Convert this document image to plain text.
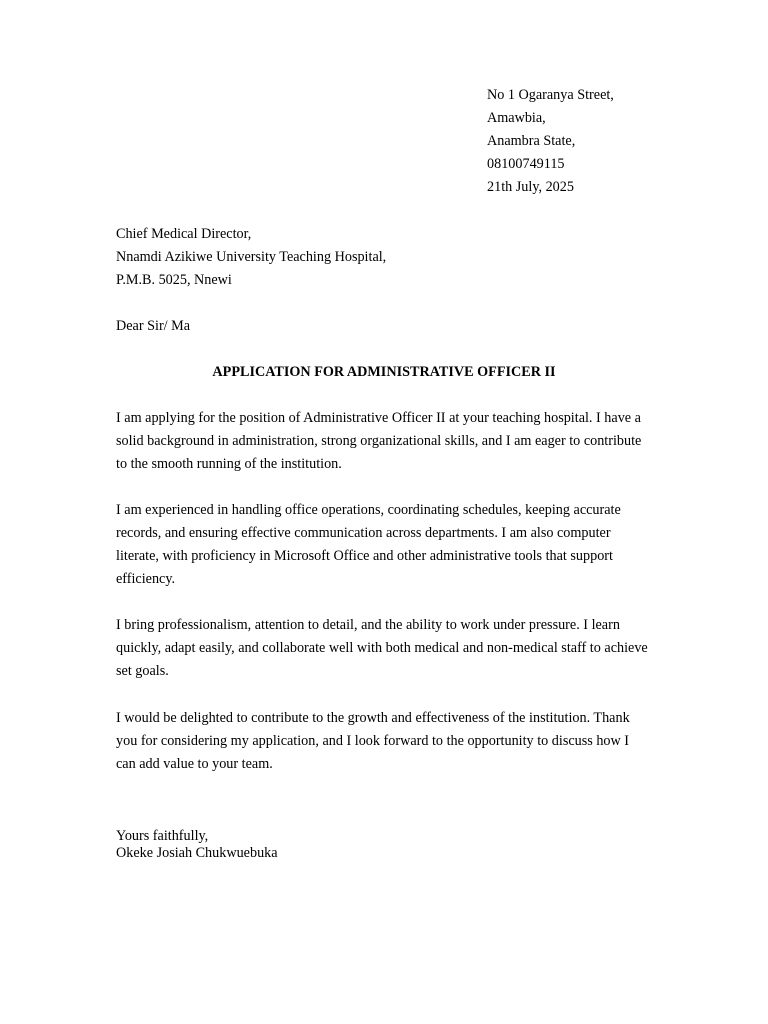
No 1 Ogaranya Street,
Amawbia,
Anambra State,
08100749115
21th July, 2025
Chief Medical Director,
Nnamdi Azikiwe University Teaching Hospital,
P.M.B. 5025, Nnewi
Dear Sir/ Ma
APPLICATION FOR ADMINISTRATIVE OFFICER II
I am applying for the position of Administrative Officer II at your teaching hospital. I have a
solid background in administration, strong organizational skills, and I am eager to contribute
to the smooth running of the institution.
I am experienced in handling office operations, coordinating schedules, keeping accurate
records, and ensuring effective communication across departments. I am also computer
literate, with proficiency in Microsoft Office and other administrative tools that support
efficiency.
I bring professionalism, attention to detail, and the ability to work under pressure. I learn
quickly, adapt easily, and collaborate well with both medical and non-medical staff to achieve
set goals.
I would be delighted to contribute to the growth and effectiveness of the institution. Thank
you for considering my application, and I look forward to the opportunity to discuss how I
can add value to your team.
Yours faithfully,
Okeke Josiah Chukwuebuka
